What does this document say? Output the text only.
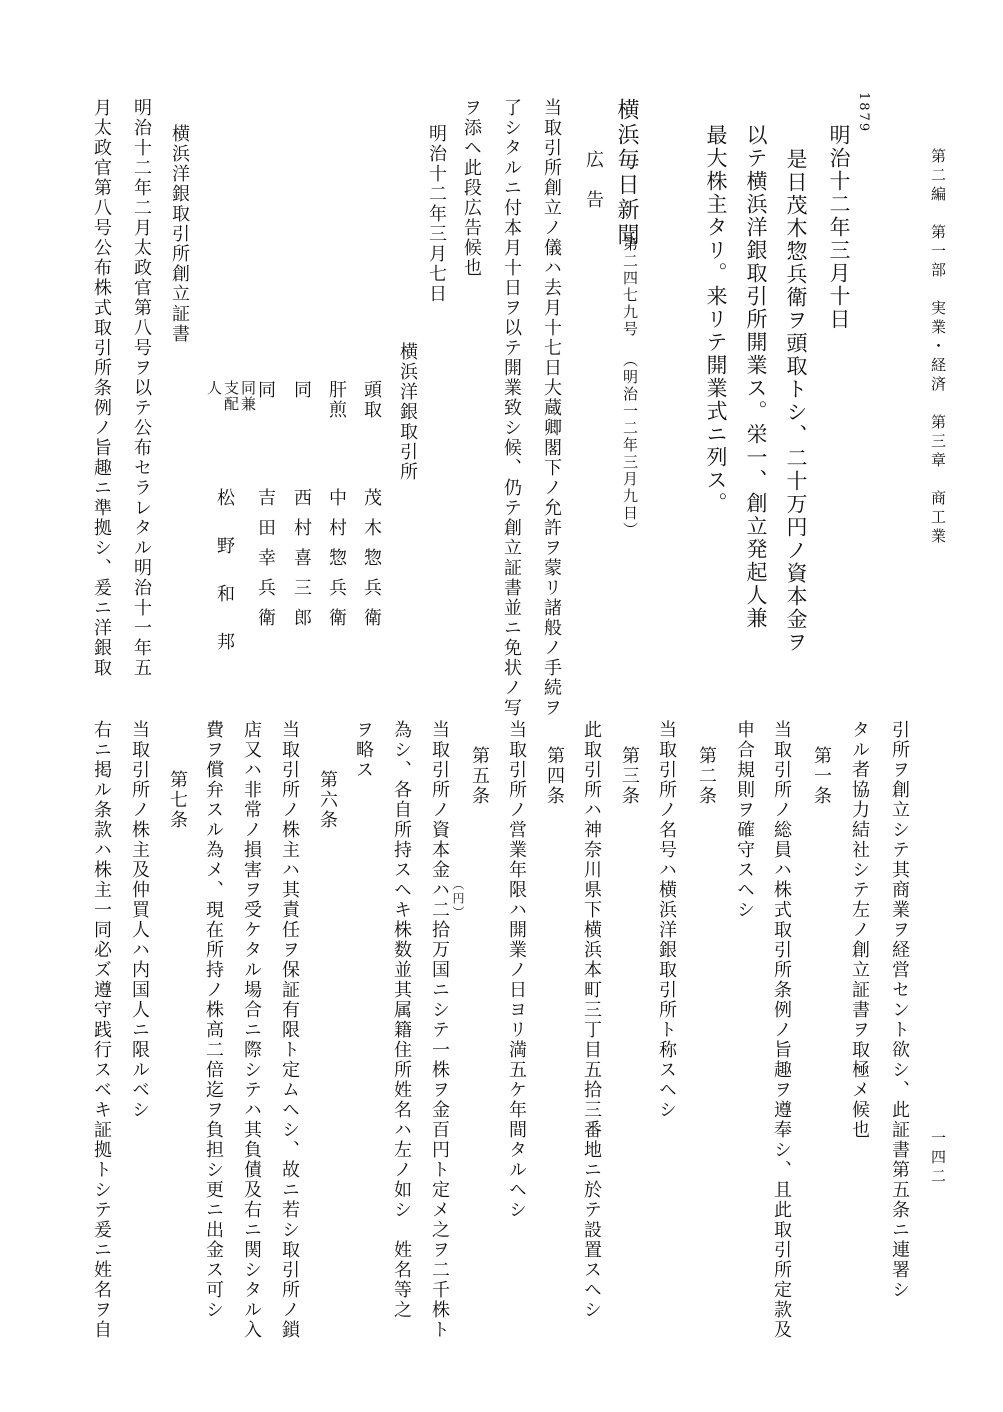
第二編　第一部　実業・経済　第三章　商工業
一四二
1879
明治十二年三月十日
是日茂木惣兵衛ヲ頭取トシ、二十万円ノ資本金ヲ
以テ横浜洋銀取引所開業ス。栄一、創立発起人兼
最大株主タリ。来リテ開業式ニ列ス。
横浜毎日新聞
第二四七九号
（明治一二年三月九日）
広　告
当取引所創立ノ儀ハ去月十七日大蔵卿閣下ノ允許ヲ蒙リ諸般ノ手続ヲ
了シタルニ付本月十日ヲ以テ開業致シ候、仍テ創立証書並ニ免状ノ写
ヲ添ヘ此段広告候也
明治十二年三月七日
横浜洋銀取引所
頭取
茂木惣兵衛
肝煎
中村惣兵衛
同
西村喜三郎
同
吉田幸兵衛
同兼支配人
松野和邦
横浜洋銀取引所創立証書
明治十二年二月太政官第八号ヲ以テ公布セラレタル明治十一年五
月太政官第八号公布株式取引所条例ノ旨趣ニ準拠シ、爰ニ洋銀取
引所ヲ創立シテ其商業ヲ経営セント欲シ、此証書第五条ニ連署シ
タル者協力結社シテ左ノ創立証書ヲ取極メ候也
第一条
当取引所ノ総員ハ株式取引所条例ノ旨趣ヲ遵奉シ、且此取引所定款及
申合規則ヲ確守スヘシ
第二条
当取引所ノ名号ハ横浜洋銀取引所ト称スヘシ
第三条
此取引所ハ神奈川県下横浜本町三丁目五拾三番地ニ於テ設置スヘシ
第四条
当取引所ノ営業年限ハ開業ノ日ヨリ満五ケ年間タルヘシ
第五条
当取引所ノ資本金ハ二拾万国ニシテ一株ヲ金百円ト定メ之ヲ二千株ト （円）
為シ、各自所持スヘキ株数並其属籍住所姓名ハ左ノ如シ　姓名等之
ヲ略ス
第六条
当取引所ノ株主ハ其責任ヲ保証有限ト定ムヘシ、故ニ若シ取引所ノ鎖
店又ハ非常ノ損害ヲ受ケタル場合ニ際シテハ其負債及右ニ関シタル入
費ヲ償弁スル為メ、現在所持ノ株高二倍迄ヲ負担シ更ニ出金ス可シ
第七条
当取引所ノ株主及仲買人ハ内国人ニ限ルベシ
右ニ掲ル条款ハ株主一同必ズ遵守践行スベキ証拠トシテ爰ニ姓名ヲ自
